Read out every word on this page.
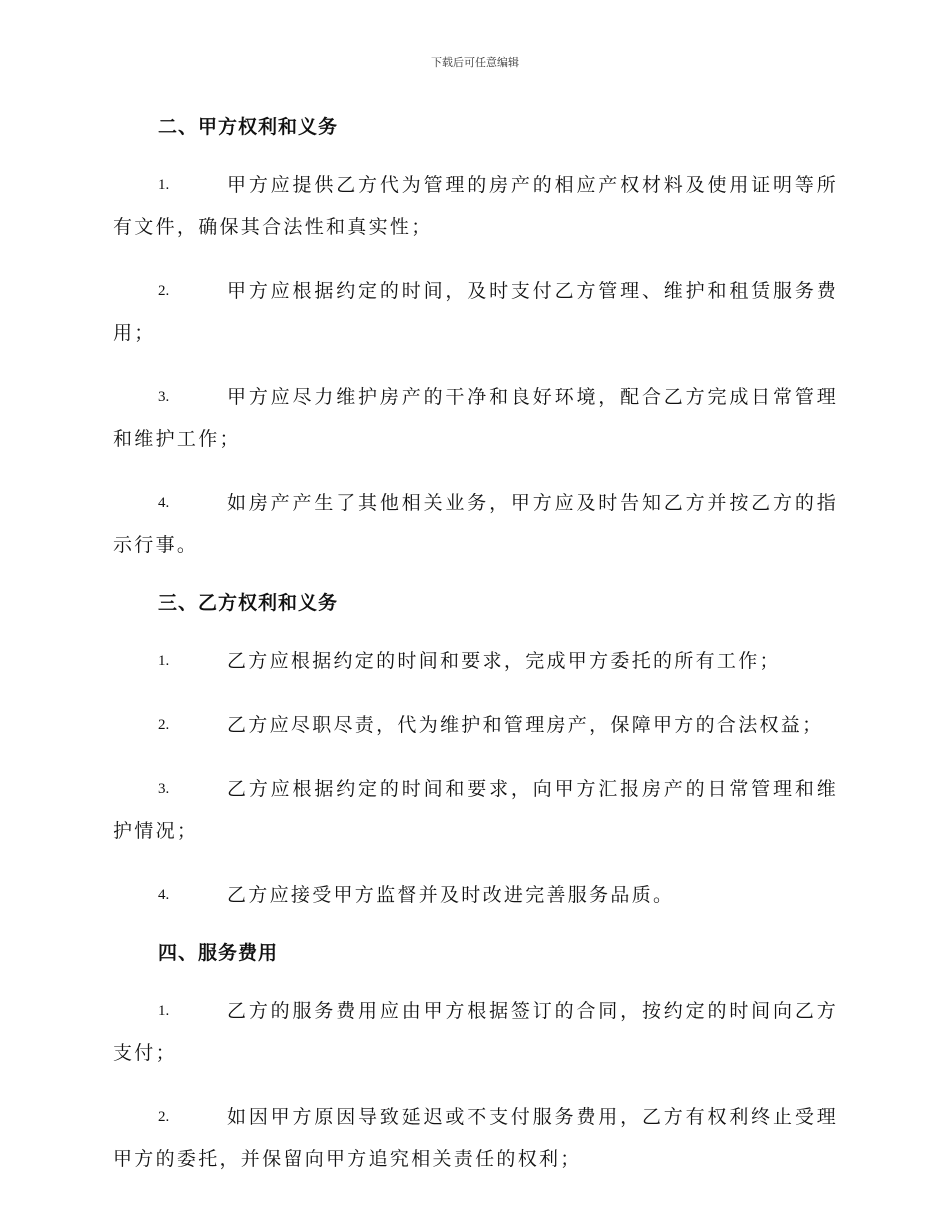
下载后可任意编辑
二、甲方权利和义务
1.	甲方应提供乙方代为管理的房产的相应产权材料及使用证明等所有文件，确保其合法性和真实性；
2.	甲方应根据约定的时间，及时支付乙方管理、维护和租赁服务费用；
3.	甲方应尽力维护房产的干净和良好环境，配合乙方完成日常管理和维护工作；
4.	如房产产生了其他相关业务，甲方应及时告知乙方并按乙方的指示行事。
三、乙方权利和义务
1.	乙方应根据约定的时间和要求，完成甲方委托的所有工作；
2.	乙方应尽职尽责，代为维护和管理房产，保障甲方的合法权益；
3.	乙方应根据约定的时间和要求，向甲方汇报房产的日常管理和维护情况；
4.	乙方应接受甲方监督并及时改进完善服务品质。
四、服务费用
1.	乙方的服务费用应由甲方根据签订的合同，按约定的时间向乙方支付；
2.	如因甲方原因导致延迟或不支付服务费用，乙方有权利终止受理甲方的委托，并保留向甲方追究相关责任的权利；
